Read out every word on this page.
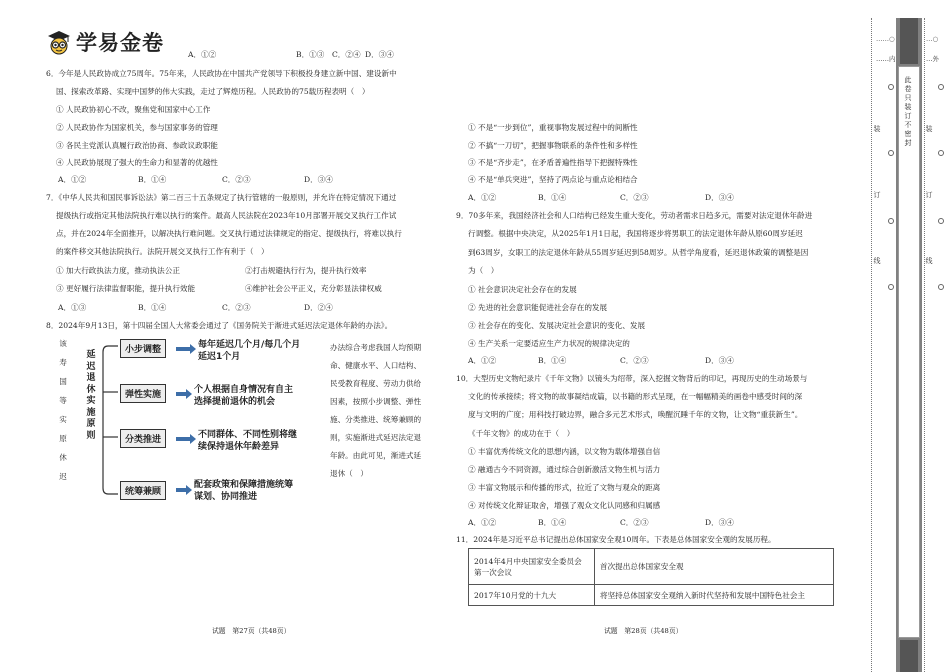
学易金卷	A．①②	B．①③ C．②④ D．③④
6．今年是人民政协成立75周年。75年来，人民政协在中国共产党领导下积极投身建立新中国、建设新中
国、探索改革路、实现中国梦的伟大实践，走过了辉煌历程。人民政协的75载历程表明（　）
① 人民政协初心不改，聚焦党和国家中心工作
② 人民政协作为国家机关，参与国家事务的管理
③ 各民主党派认真履行政治协商、参政议政职能
④ 人民政协展现了强大的生命力和显著的优越性
A．①②	B．①④	C．②③	D．③④
7．《中华人民共和国民事诉讼法》第二百三十五条规定了执行管辖的一般原则，并允许在特定情况下通过
提级执行或指定其他法院执行难以执行的案件。最高人民法院在2023年10月部署开展交叉执行工作试
点，并在2024年全面推开，以解决执行难问题。交叉执行通过法律规定的指定、提级执行，将难以执行
的案件移交其他法院执行。法院开展交叉执行工作有利于（　）
① 加大行政执法力度，推动执法公正	②打击规避执行行为，提升执行效率
③ 更好履行法律监督职能，提升执行效能	④维护社会公平正义，充分彰显法律权威
A．①③	B．①④	C．②③	D．②④
8．2024年9月13日，第十四届全国人大常委会通过了《国务院关于渐进式延迟法定退休年龄的办法》。
该
寿
国
等
实
原
休
迟
延
迟
退
休
实
施
原
则
小步调整	每年延迟几个月/每几个月
延迟1个月
弹性实施	个人根据自身情况有自主
选择提前退休的机会
分类推进	不同群体、不同性别将继
续保持退休年龄差异
统筹兼顾
配套政策和保障措施统筹
谋划、协同推进
办法综合考虑我国人均预期
命、健康水平、人口结构、
民受教育程度、劳动力供给
因素，按照小步调整、弹性
施、分类推进、统筹兼顾的
则，实施渐进式延迟法定退
年龄。由此可见，渐进式延
退休（　）
试题　第27页（共48页）
① 不是“一步到位”，重视事物发展过程中的间断性
② 不搞“一刀切”，把握事物联系的条件性和多样性
③ 不是“齐步走”，在矛盾普遍性指导下把握特殊性
④ 不是“单兵突进”，坚持了两点论与重点论相结合
A．①②	B．①④	C．②③	D．③④
9．70多年来，我国经济社会和人口结构已经发生重大变化，劳动者需求日趋多元，需要对法定退休年龄进
行调整。根据中央决定，从2025年1月1日起，我国将逐步将男职工的法定退休年龄从原60周岁延迟
到63周岁，女职工的法定退休年龄从55周岁延迟到58周岁。从哲学角度看，延迟退休政策的调整是因
为（　）
① 社会意识决定社会存在的发展
② 先进的社会意识能促进社会存在的发展
③ 社会存在的变化、发展决定社会意识的变化、发展
④ 生产关系一定要适应生产力状况的规律决定的
A．①②	B．①④	C．②③	D．③④
10．大型历史文物纪录片《千年文物》以镜头为绍带，深入挖掘文物背后的印记，再现历史的生动场景与
文化的传承接续；将文物的故事凝结成篇，以书籍的形式呈现，在一幅幅精美的画卷中感受时间的深
度与文明的广度；用科技打破边界，融合多元艺术形式，唤醒沉睡千年的文物，让文物“重获新生”。
《千年文物》的成功在于（　）
① 丰富优秀传统文化的思想内涵，以文物为载体增强自信
② 融通古今不同资源，通过综合创新激活文物生机与活力
③ 丰富文物展示和传播的形式，拉近了文物与观众的距离
④ 对传统文化辩证取舍，增强了观众文化认同感和归属感
A．①②	B．①④	C．②③	D．③④
11．2024年是习近平总书记提出总体国家安全观10周年。下表是总体国家安全观的发展历程。
2014年4月中央国家安全委员会第一次会议	首次提出总体国家安全观
2017年10月党的十九大	将坚持总体国家安全观纳入新时代坚持和发展中国特色社会主
试题　第28页（共48页）
……○
……内
装
订
线
此
卷
只
装
订
不
密
封
…○
…外
装
订
线
